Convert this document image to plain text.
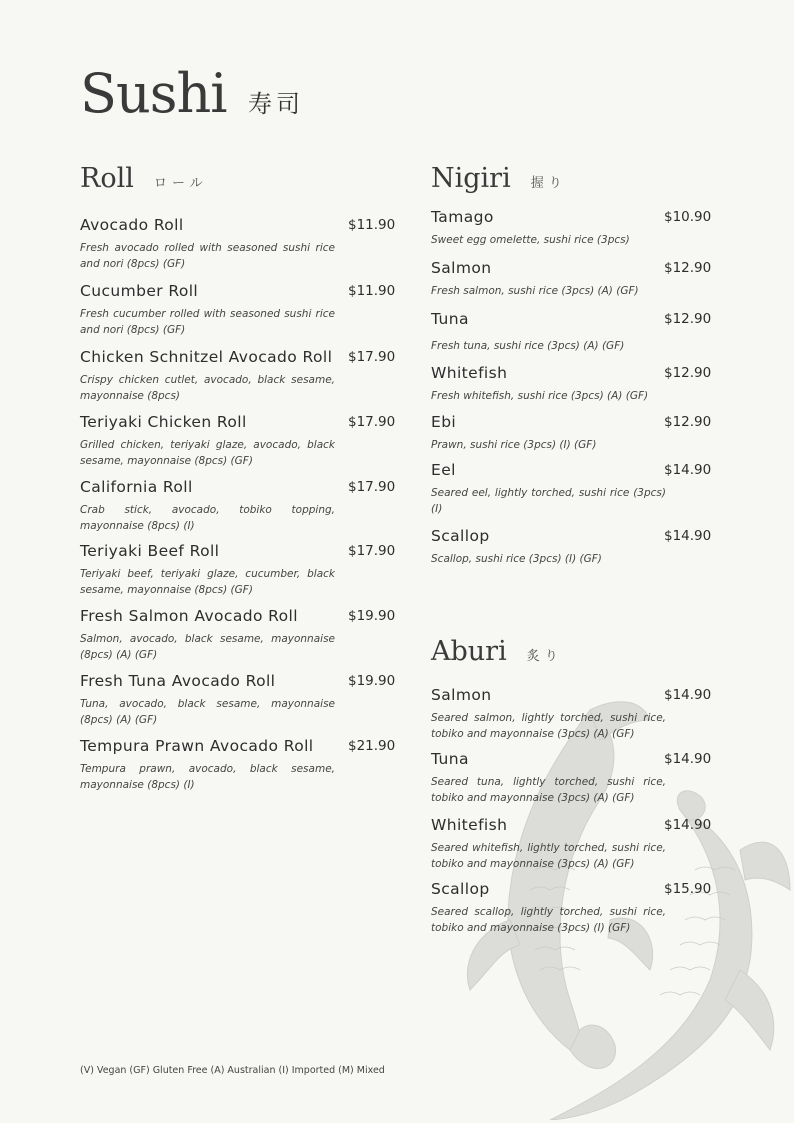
Sushi 寿司
Roll ロール
Avocado Roll	$11.90
Fresh avocado rolled with seasoned sushi rice and nori (8pcs) (GF)
Cucumber Roll	$11.90
Fresh cucumber rolled with seasoned sushi rice and nori (8pcs) (GF)
Chicken Schnitzel Avocado Roll $17.90
Crispy chicken cutlet, avocado, black sesame, mayonnaise (8pcs)
Teriyaki Chicken Roll	$17.90
Grilled chicken, teriyaki glaze, avocado, black sesame, mayonnaise (8pcs) (GF)
California Roll	$17.90
Crab stick, avocado, tobiko topping, mayonnaise (8pcs) (I)
Teriyaki Beef Roll	$17.90
Teriyaki beef, teriyaki glaze, cucumber, black sesame, mayonnaise (8pcs) (GF)
Fresh Salmon Avocado Roll	$19.90
Salmon, avocado, black sesame, mayonnaise (8pcs) (A) (GF)
Fresh Tuna Avocado Roll	$19.90
Tuna, avocado, black sesame, mayonnaise (8pcs) (A) (GF)
Tempura Prawn Avocado Roll	$21.90
Tempura prawn, avocado, black sesame, mayonnaise (8pcs) (I)
Nigiri 握り
Tamago	$10.90
Sweet egg omelette, sushi rice (3pcs)
Salmon	$12.90
Fresh salmon, sushi rice (3pcs) (A) (GF)
Tuna	$12.90
Fresh tuna, sushi rice (3pcs) (A) (GF)
Whitefish	$12.90
Fresh whitefish, sushi rice (3pcs) (A) (GF)
Ebi	$12.90
Prawn, sushi rice (3pcs) (I) (GF)
Eel	$14.90
Seared eel, lightly torched, sushi rice (3pcs) (I)
Scallop	$14.90
Scallop, sushi rice (3pcs) (I) (GF)
Aburi 炙り
Salmon	$14.90
Seared salmon, lightly torched, sushi rice, tobiko and mayonnaise (3pcs) (A) (GF)
Tuna	$14.90
Seared tuna, lightly torched, sushi rice, tobiko and mayonnaise (3pcs) (A) (GF)
Whitefish	$14.90
Seared whitefish, lightly torched, sushi rice, tobiko and mayonnaise (3pcs) (A) (GF)
Scallop	$15.90
Seared scallop, lightly torched, sushi rice, tobiko and mayonnaise (3pcs) (I) (GF)
(V) Vegan (GF) Gluten Free (A) Australian (I) Imported (M) Mixed
